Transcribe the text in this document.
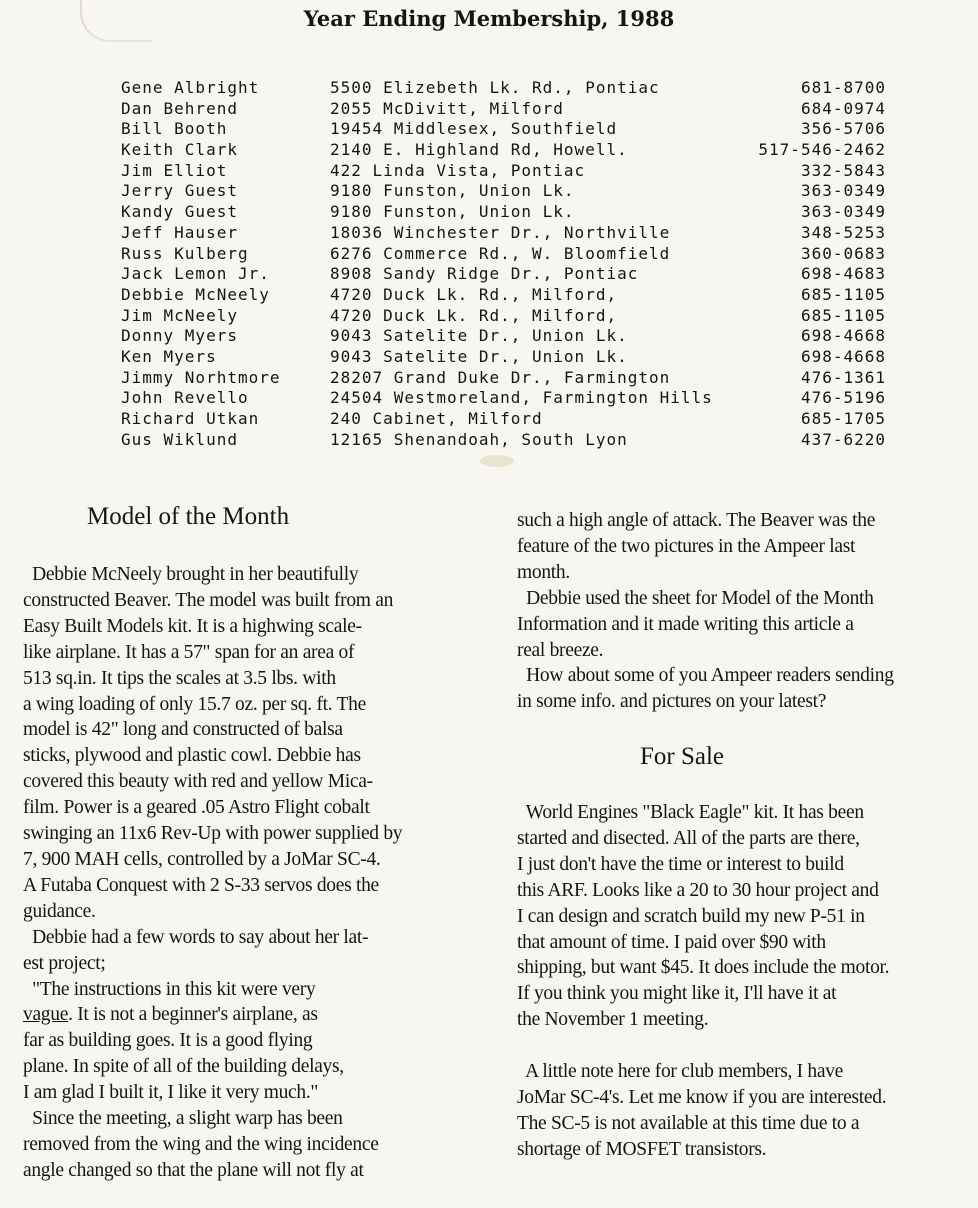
Year Ending Membership, 1988
Gene Albright	5500 Elizebeth Lk. Rd., Pontiac	681-8700
Dan Behrend	2055 McDivitt, Milford	684-0974
Bill Booth	19454 Middlesex, Southfield	356-5706
Keith Clark	2140 E. Highland Rd, Howell.	517-546-2462
Jim Elliot	422 Linda Vista, Pontiac	332-5843
Jerry Guest	9180 Funston, Union Lk.	363-0349
Kandy Guest	9180 Funston, Union Lk.	363-0349
Jeff Hauser	18036 Winchester Dr., Northville	348-5253
Russ Kulberg	6276 Commerce Rd., W. Bloomfield	360-0683
Jack Lemon Jr.	8908 Sandy Ridge Dr., Pontiac	698-4683
Debbie McNeely	4720 Duck Lk. Rd., Milford,	685-1105
Jim McNeely	4720 Duck Lk. Rd., Milford,	685-1105
Donny Myers	9043 Satelite Dr., Union Lk.	698-4668
Ken Myers	9043 Satelite Dr., Union Lk.	698-4668
Jimmy Norhtmore	28207 Grand Duke Dr., Farmington	476-1361
John Revello	24504 Westmoreland, Farmington Hills	476-5196
Richard Utkan	240 Cabinet, Milford	685-1705
Gus Wiklund	12165 Shenandoah, South Lyon	437-6220
Model of the Month
Debbie McNeely brought in her beautifully
constructed Beaver. The model was built from an
Easy Built Models kit. It is a highwing scale-
like airplane. It has a 57" span for an area of
513 sq.in. It tips the scales at 3.5 lbs. with
a wing loading of only 15.7 oz. per sq. ft. The
model is 42" long and constructed of balsa
sticks, plywood and plastic cowl. Debbie has
covered this beauty with red and yellow Mica-
film. Power is a geared .05 Astro Flight cobalt
swinging an 11x6 Rev-Up with power supplied by
7, 900 MAH cells, controlled by a JoMar SC-4.
A Futaba Conquest with 2 S-33 servos does the
guidance.
Debbie had a few words to say about her lat-
est project;
"The instructions in this kit were very
vague. It is not a beginner's airplane, as
far as building goes. It is a good flying
plane. In spite of all of the building delays,
I am glad I built it, I like it very much."
Since the meeting, a slight warp has been
removed from the wing and the wing incidence
angle changed so that the plane will not fly at
such a high angle of attack. The Beaver was the
feature of the two pictures in the Ampeer last
month.
Debbie used the sheet for Model of the Month
Information and it made writing this article a
real breeze.
How about some of you Ampeer readers sending
in some info. and pictures on your latest?
For Sale
World Engines "Black Eagle" kit. It has been
started and disected. All of the parts are there,
I just don't have the time or interest to build
this ARF. Looks like a 20 to 30 hour project and
I can design and scratch build my new P-51 in
that amount of time. I paid over $90 with
shipping, but want $45. It does include the motor.
If you think you might like it, I'll have it at
the November 1 meeting.
A little note here for club members, I have
JoMar SC-4's. Let me know if you are interested.
The SC-5 is not available at this time due to a
shortage of MOSFET transistors.
